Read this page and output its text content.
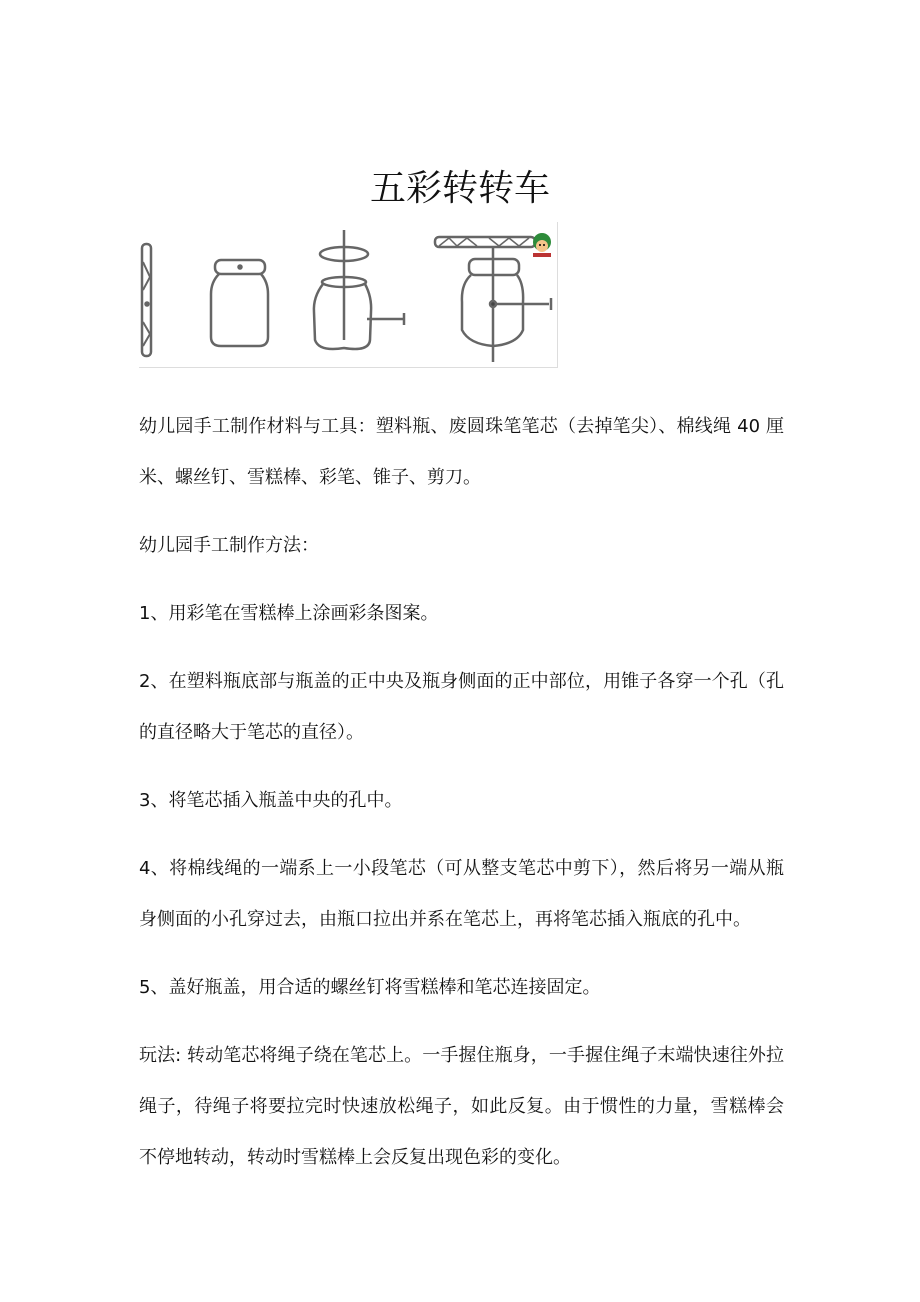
五彩转转车

幼儿园手工制作材料与工具：塑料瓶、废圆珠笔笔芯（去掉笔尖）、棉线绳 40 厘米、螺丝钉、雪糕棒、彩笔、锥子、剪刀。

幼儿园手工制作方法：

1、用彩笔在雪糕棒上涂画彩条图案。

2、在塑料瓶底部与瓶盖的正中央及瓶身侧面的正中部位，用锥子各穿一个孔（孔的直径略大于笔芯的直径）。

3、将笔芯插入瓶盖中央的孔中。

4、将棉线绳的一端系上一小段笔芯（可从整支笔芯中剪下），然后将另一端从瓶身侧面的小孔穿过去，由瓶口拉出并系在笔芯上，再将笔芯插入瓶底的孔中。

5、盖好瓶盖，用合适的螺丝钉将雪糕棒和笔芯连接固定。

玩法: 转动笔芯将绳子绕在笔芯上。一手握住瓶身，一手握住绳子末端快速往外拉绳子，待绳子将要拉完时快速放松绳子，如此反复。由于惯性的力量，雪糕棒会不停地转动，转动时雪糕棒上会反复出现色彩的变化。
